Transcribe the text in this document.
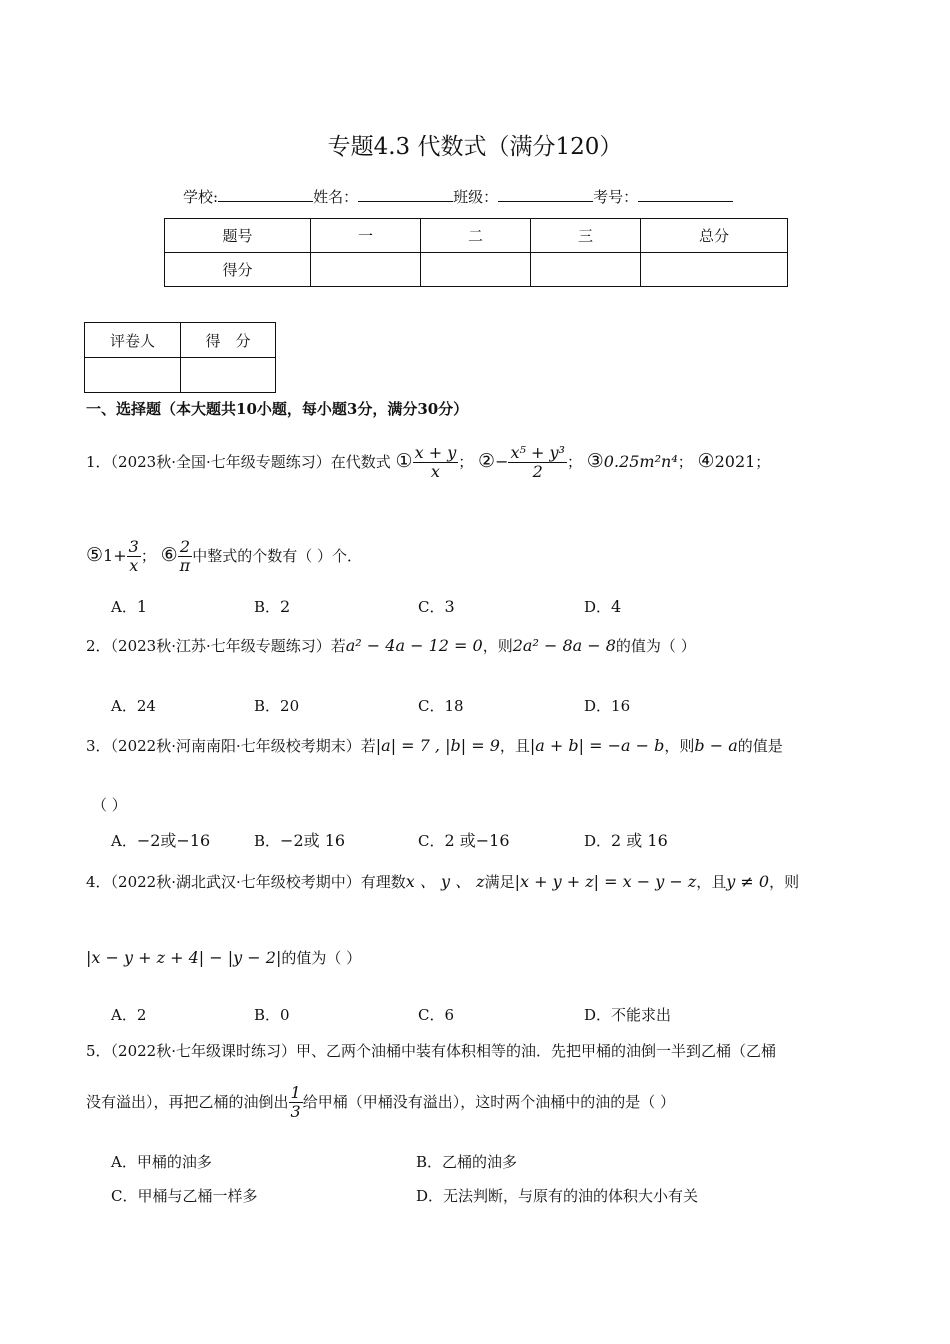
专题4.3 代数式（满分120）
学校:	姓名：	班级：	考号：
题号	一	二	三	总分
得分				
评卷人	得　分

一、选择题（本大题共10小题，每小题3分，满分30分）
1．（2023秋·全国·七年级专题练习）在代数式 ① $\frac{x + y}{x}$ ； ②− $\frac{\text{x⁵ + y³}}{2}$ ； ③0.25m²n⁴； ④2021；
⑤1+ $\frac{3}{x}$ ； ⑥ $\frac{2}{\pi}$ 中整式的个数有（ ）个．
A．1	B．2	C．3	D．4
2．（2023秋·江苏·七年级专题练习）若a² − 4a − 12 = 0，则2a² − 8a − 8的值为（ ）
A．24	B．20	C．18	D．16
3．（2022秋·河南南阳·七年级校考期末）若|a| = 7 , |b| = 9，且|a + b| = −a − b，则b − a的值是
（ ）
A．−2或−16	B．−2或 16	C．2 或−16	D．2 或 16
4．（2022秋·湖北武汉·七年级校考期中）有理数x 、 y 、 z满足|x + y + z| = x − y − z，且y ≠ 0，则
|x − y + z + 4| − |y − 2|的值为（ ）
A．2	B．0	C．6	D．不能求出
5．（2022秋·七年级课时练习）甲、乙两个油桶中装有体积相等的油．先把甲桶的油倒一半到乙桶（乙桶
没有溢出），再把乙桶的油倒出 $\frac{1}{3}$ 给甲桶（甲桶没有溢出），这时两个油桶中的油的是（ ）
A．甲桶的油多	B．乙桶的油多
C．甲桶与乙桶一样多	D．无法判断，与原有的油的体积大小有关
